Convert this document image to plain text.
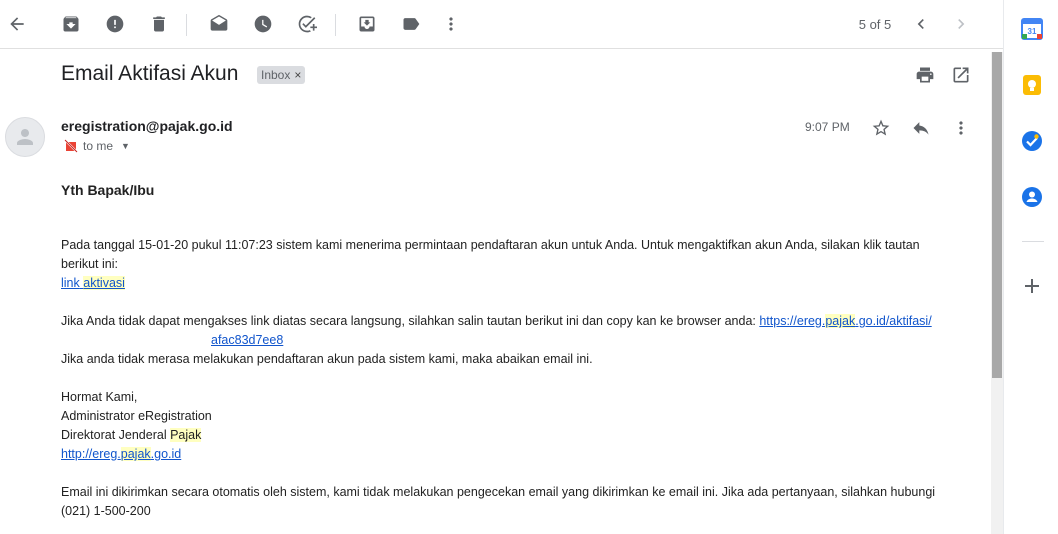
5 of 5	31
Email Aktifasi Akun Inbox ×
eregistration@pajak.go.id
to me ▼
9:07 PM
Yth Bapak/Ibu
Pada tanggal 15-01-20 pukul 11:07:23 sistem kami menerima permintaan pendaftaran akun untuk Anda. Untuk mengaktifkan akun Anda, silakan klik tautan
berikut ini:
link aktivasi
Jika Anda tidak dapat mengakses link diatas secara langsung, silahkan salin tautan berikut ini dan copy kan ke browser anda: https://ereg.pajak.go.id/aktifasi/
afac83d7ee8
Jika anda tidak merasa melakukan pendaftaran akun pada sistem kami, maka abaikan email ini.
Hormat Kami,
Administrator eRegistration
Direktorat Jenderal Pajak
http://ereg.pajak.go.id
Email ini dikirimkan secara otomatis oleh sistem, kami tidak melakukan pengecekan email yang dikirimkan ke email ini. Jika ada pertanyaan, silahkan hubungi
(021) 1-500-200
